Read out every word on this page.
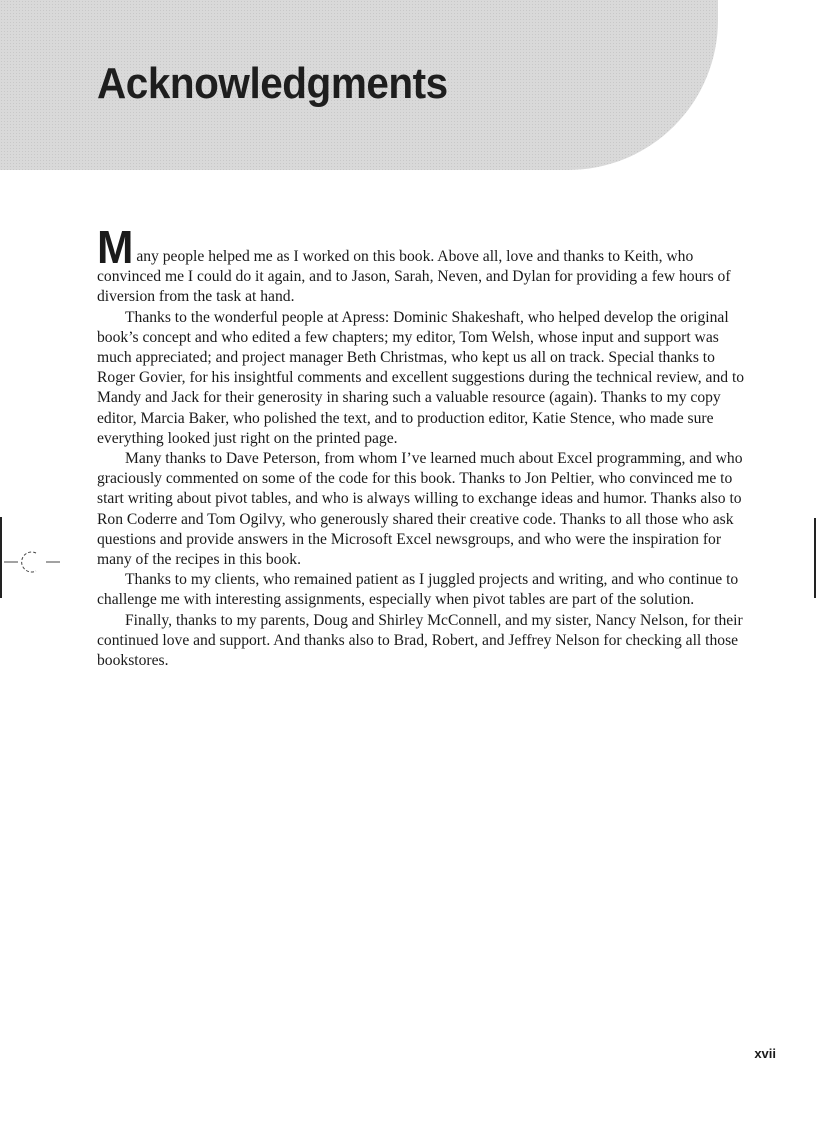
Acknowledgments

Many people helped me as I worked on this book. Above all, love and thanks to Keith, who convinced me I could do it again, and to Jason, Sarah, Neven, and Dylan for providing a few hours of diversion from the task at hand.

Thanks to the wonderful people at Apress: Dominic Shakeshaft, who helped develop the original book’s concept and who edited a few chapters; my editor, Tom Welsh, whose input and support was much appreciated; and project manager Beth Christmas, who kept us all on track. Special thanks to Roger Govier, for his insightful comments and excellent suggestions during the technical review, and to Mandy and Jack for their generosity in sharing such a valuable resource (again). Thanks to my copy editor, Marcia Baker, who polished the text, and to production editor, Katie Stence, who made sure everything looked just right on the printed page.

Many thanks to Dave Peterson, from whom I’ve learned much about Excel programming, and who graciously commented on some of the code for this book. Thanks to Jon Peltier, who convinced me to start writing about pivot tables, and who is always willing to exchange ideas and humor. Thanks also to Ron Coderre and Tom Ogilvy, who generously shared their creative code. Thanks to all those who ask questions and provide answers in the Microsoft Excel newsgroups, and who were the inspiration for many of the recipes in this book.

Thanks to my clients, who remained patient as I juggled projects and writing, and who continue to challenge me with interesting assignments, especially when pivot tables are part of the solution.

Finally, thanks to my parents, Doug and Shirley McConnell, and my sister, Nancy Nelson, for their continued love and support. And thanks also to Brad, Robert, and Jeffrey Nelson for checking all those bookstores.

xvii
